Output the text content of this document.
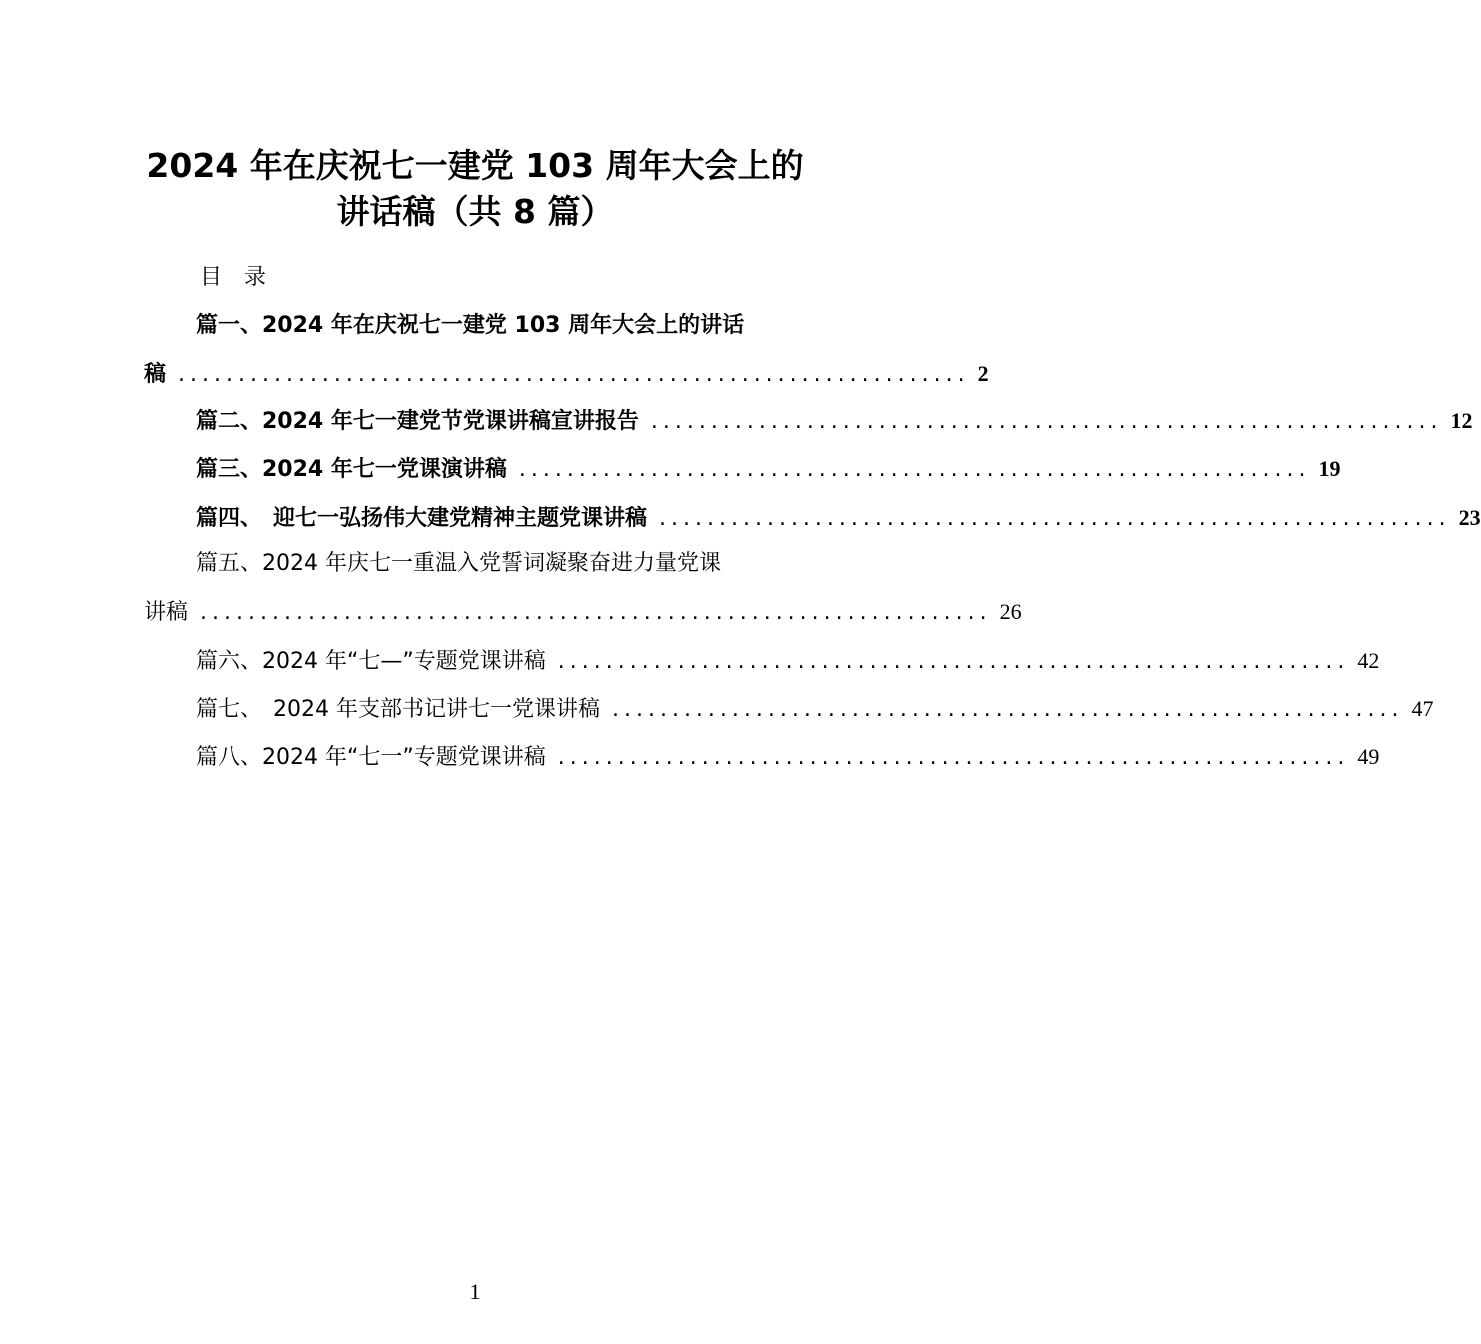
2024 年在庆祝七一建党 103 周年大会上的
讲话稿（共 8 篇）
目　录
篇一、2024 年在庆祝七一建党 103 周年大会上的讲话
稿 .................................................................. 2
篇二、2024 年七一建党节党课讲稿宣讲报告 .................................................................. 12
篇三、2024 年七一党课演讲稿 .................................................................. 19
篇四、　迎七一弘扬伟大建党精神主题党课讲稿 .................................................................. 23
篇五、2024 年庆七一重温入党誓词凝聚奋进力量党课
讲稿 .................................................................. 26
篇六、2024 年“七—”专题党课讲稿 .................................................................. 42
篇七、　2024 年支部书记讲七一党课讲稿 .................................................................. 47
篇八、2024 年“七一”专题党课讲稿 .................................................................. 49
1
